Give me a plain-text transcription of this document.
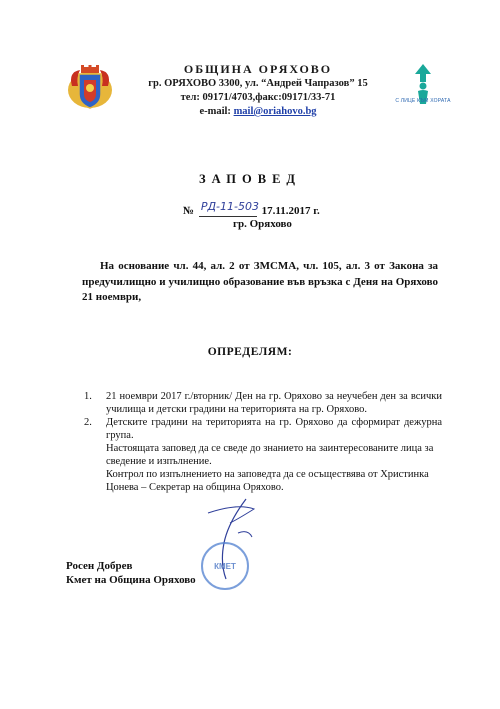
ОБЩИНА ОРЯХОВО
гр. ОРЯХОВО 3300, ул. “Андрей Чапразов” 15
тел: 09171/4703,факс:09171/33-71
e-mail: mail@oriahovo.bg
С ЛИЦЕ КЪМ ХОРАТА
ЗАПОВЕД
№ РД-11-503 17.11.2017 г.
гр. Оряхово
На основание чл. 44, ал. 2 от ЗМСМА, чл. 105, ал. 3 от Закона за предучилищно и училищно образование във връзка с Деня на Оряхово 21 ноември,
ОПРЕДЕЛЯМ:
1.	21 ноември 2017 г./вторник/ Ден на гр. Оряхово за неучебен ден за всички училища и детски градини на територията на гр. Оряхово.
2.	Детските градини на територията на гр. Оряхово да сформират дежурна група.
Настоящата заповед да се сведе до знанието на заинтересованите лица за сведение и изпълнение.
Контрол по изпълнението на заповедта да се осъществява от Христинка Цонева – Секретар на община Оряхово.
КМЕТ
Росен Добрев
Кмет на Община Оряхово
